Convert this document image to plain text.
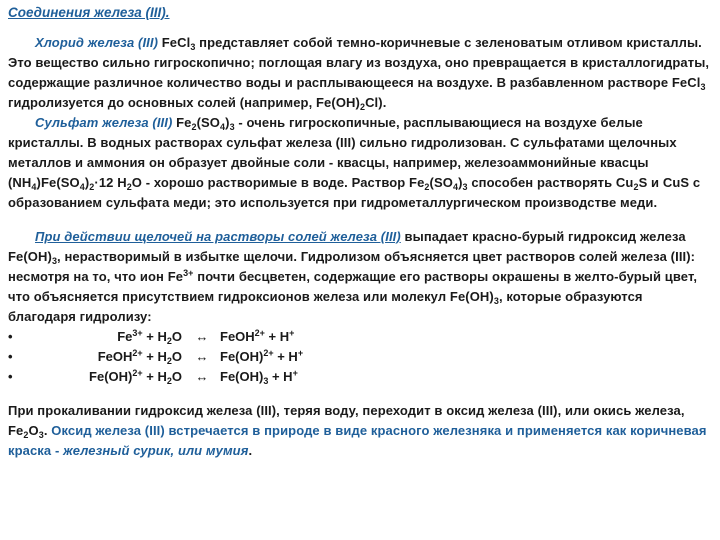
Соединения железа (III).

Хлорид железа (III) FeCl$_3$ представляет собой темно-коричневые с зеленоватым отливом кристаллы. Это вещество сильно гигроскопично; поглощая влагу из воздуха, оно превращается в кристаллогидраты, содержащие различное количество воды и расплывающееся на воздухе. В разбавленном растворе FeCl$_3$ гидролизуется до основных солей (например, $Fe(OH)_2Cl$).

Сульфат железа (III) $Fe_2(SO_4)_3$ - очень гигроскопичные, расплывающиеся на воздухе белые кристаллы. В водных растворах сульфат железа (III) сильно гидролизован. С сульфатами щелочных металлов и аммония он образует двойные соли - квасцы, например, железоаммонийные квасцы $(NH_4)Fe(SO_4)_2\cdot 12$ $H_2O$ - хорошо растворимые в воде. Раствор $Fe_2(SO_4)_3$ способен растворять $Cu_2S$ и CuS с образованием сульфата меди; это используется при гидрометаллургическом производстве меди.

При действии щелочей на растворы солей железа (III) выпадает красно-бурый гидроксид железа $Fe(OH)_3$, нерастворимый в избытке щелочи. Гидролизом объясняется цвет растворов солей железа (III): несмотря на то, что ион $Fe^{3+}$ почти бесцветен, содержащие его растворы окрашены в желто-бурый цвет, что объясняется присутствием гидроксионов железа или молекул $Fe(OH)_3$, которые образуются благодаря гидролизу:

•	$Fe^{3+} + H_2O$	↔ FeOH$^{2+}$ + H+
•	FeOH$^{2+}$ + $H_2O$	↔ Fe(OH)$^{2+}$ + H+
•	$Fe(OH)^{2+} + H_2O$	↔ $Fe(OH)_3 + H^+$

При прокаливании гидроксид железа (III), теряя воду, переходит в оксид железа (III), или окись железа, $Fe_2O_3$. Оксид железа (III) встречается в природе в виде красного железняка и применяется как коричневая краска - железный сурик, или мумия.
